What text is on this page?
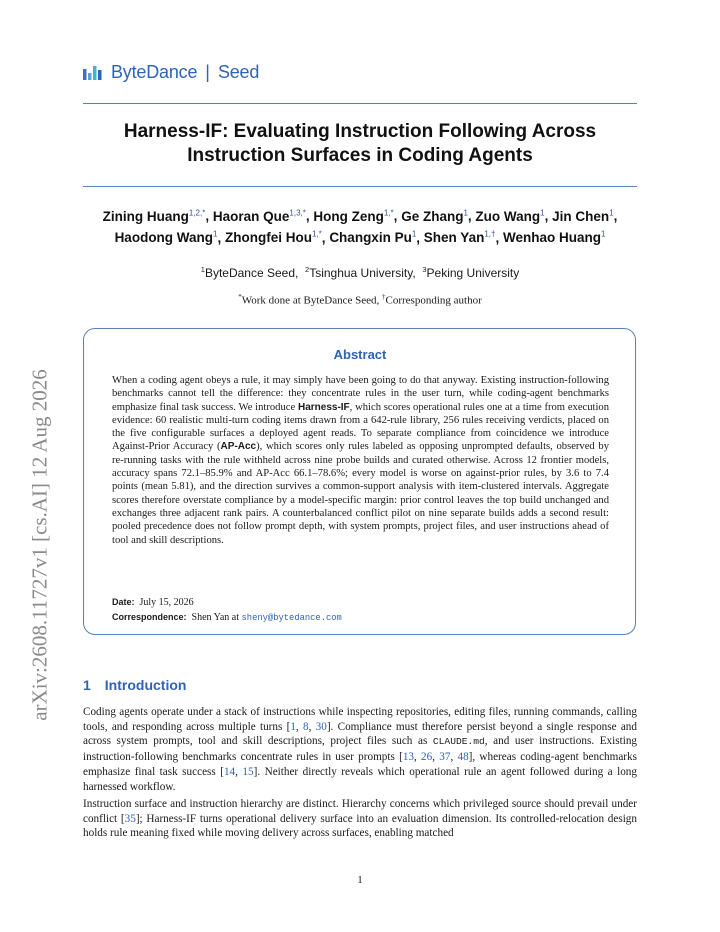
ByteDance | Seed
Harness-IF: Evaluating Instruction Following Across Instruction Surfaces in Coding Agents
Zining Huang$^{1,2,*}$, Haoran Que$^{1,3,*}$, Hong Zeng$^{1,*}$, Ge Zhang$^1$, Zuo Wang$^1$, Jin Chen$^1$, Haodong Wang$^1$, Zhongfei Hou$^{1,*}$, Changxin Pu$^1$, Shen Yan$^{1,\dagger}$, Wenhao Huang$^1$
$^1$ByteDance Seed,  $^2$Tsinghua University,  $^3$Peking University
*Work done at ByteDance Seed, †Corresponding author
Abstract
When a coding agent obeys a rule, it may simply have been going to do that anyway. Existing instruction-following benchmarks cannot tell the difference: they concentrate rules in the user turn, while coding-agent benchmarks emphasize final task success. We introduce Harness-IF, which scores operational rules one at a time from execution evidence: 60 realistic multi-turn coding items drawn from a 642-rule library, 256 rules receiving verdicts, placed on the five configurable surfaces a deployed agent reads. To separate compliance from coincidence we introduce Against-Prior Accuracy (AP-Acc), which scores only rules labeled as opposing unprompted defaults, observed by re-running tasks with the rule withheld across nine probe builds and curated otherwise. Across 12 frontier models, accuracy spans 72.1–85.9% and AP-Acc 66.1–78.6%; every model is worse on against-prior rules, by 3.6 to 7.4 points (mean 5.81), and the direction survives a common-support analysis with item-clustered intervals. Aggregate scores therefore overstate compliance by a model-specific margin: prior control leaves the top build unchanged and exchanges three adjacent rank pairs. A counterbalanced conflict pilot on nine separate builds adds a second result: pooled precedence does not follow prompt depth, with system prompts, project files, and user instructions ahead of tool and skill descriptions.
Date: July 15, 2026
Correspondence: Shen Yan at sheny@bytedance.com
arXiv:2608.11727v1 [cs.AI] 12 Aug 2026 1 Introduction
Coding agents operate under a stack of instructions while inspecting repositories, editing files, running commands, calling tools, and responding across multiple turns [1, 8, 30]. Compliance must therefore persist beyond a single response and across system prompts, tool and skill descriptions, project files such as CLAUDE.md, and user instructions. Existing instruction-following benchmarks concentrate rules in user prompts [13, 26, 37, 48], whereas coding-agent benchmarks emphasize final task success [14, 15]. Neither directly reveals which operational rule an agent followed during a long harnessed workflow.
Instruction surface and instruction hierarchy are distinct. Hierarchy concerns which privileged source should prevail under conflict [35]; Harness-IF turns operational delivery surface into an evaluation dimension. Its controlled-relocation design holds rule meaning fixed while moving delivery across surfaces, enabling matched
1
